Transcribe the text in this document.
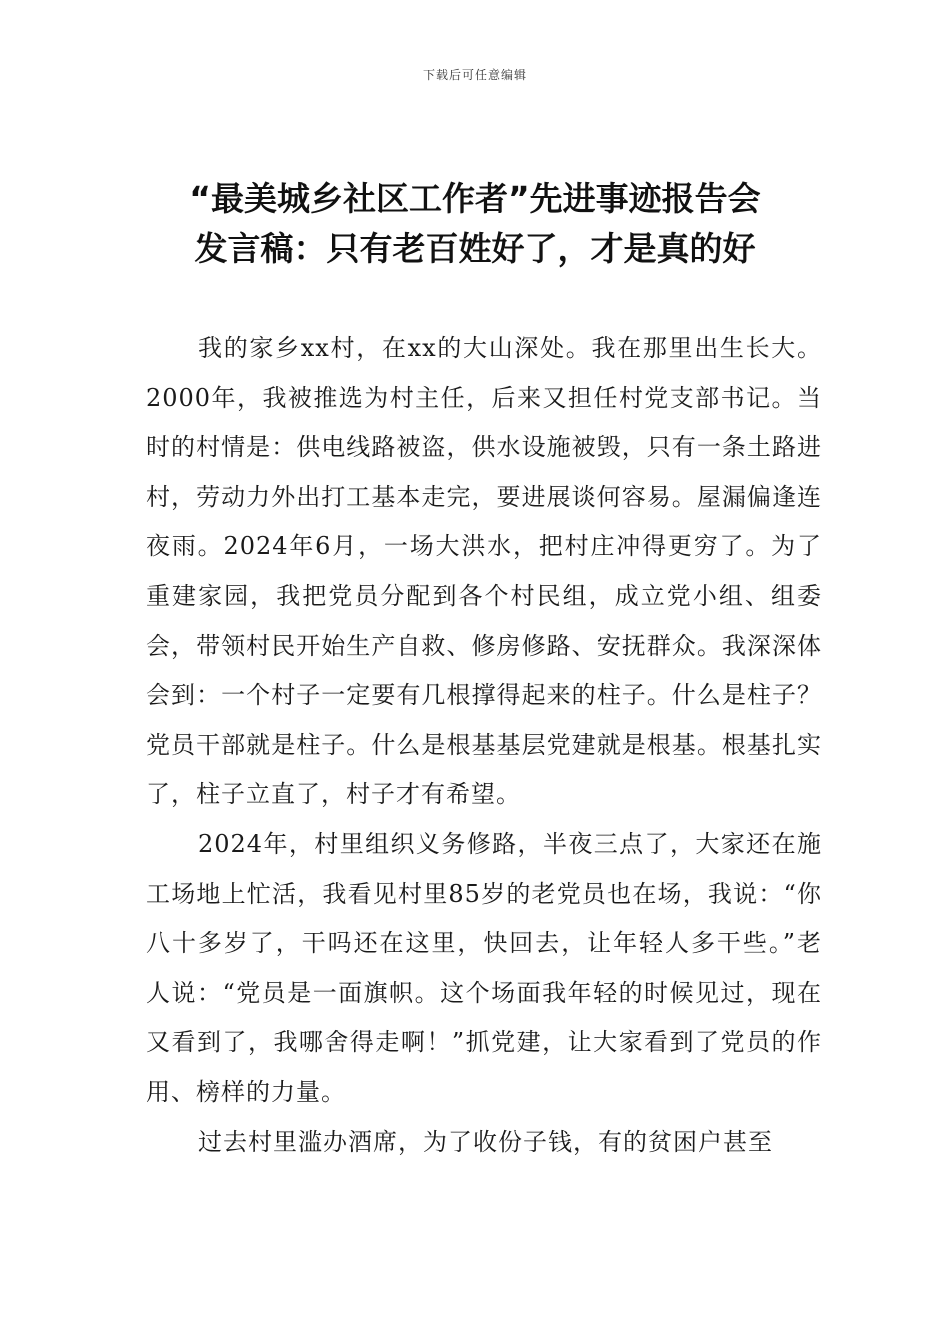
下载后可任意编辑
“最美城乡社区工作者”先进事迹报告会
发言稿：只有老百姓好了，才是真的好

我的家乡xx村，在xx的大山深处。我在那里出生长大。2000年，我被推选为村主任，后来又担任村党支部书记。当时的村情是：供电线路被盗，供水设施被毁，只有一条土路进村，劳动力外出打工基本走完，要进展谈何容易。屋漏偏逢连夜雨。2024年6月，一场大洪水，把村庄冲得更穷了。为了重建家园，我把党员分配到各个村民组，成立党小组、组委会，带领村民开始生产自救、修房修路、安抚群众。我深深体会到：一个村子一定要有几根撑得起来的柱子。什么是柱子？党员干部就是柱子。什么是根基基层党建就是根基。根基扎实了，柱子立直了，村子才有希望。

2024年，村里组织义务修路，半夜三点了，大家还在施工场地上忙活，我看见村里85岁的老党员也在场，我说：“你八十多岁了，干吗还在这里，快回去，让年轻人多干些。”老人说：“党员是一面旗帜。这个场面我年轻的时候见过，现在又看到了，我哪舍得走啊！”抓党建，让大家看到了党员的作用、榜样的力量。

过去村里滥办酒席，为了收份子钱，有的贫困户甚至
